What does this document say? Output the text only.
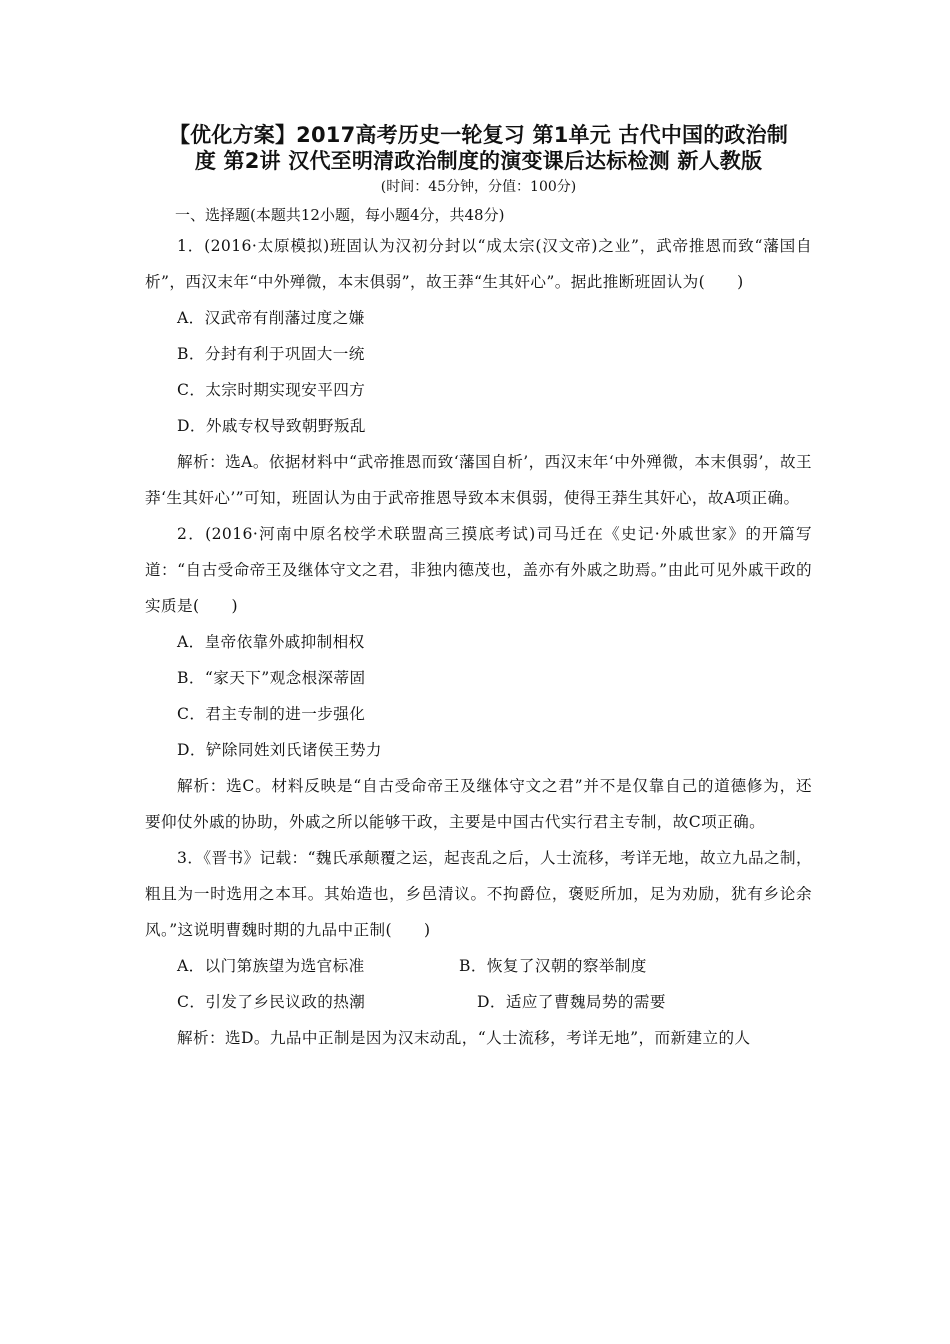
【优化方案】2017高考历史一轮复习 第1单元 古代中国的政治制
度 第2讲 汉代至明清政治制度的演变课后达标检测 新人教版
(时间：45分钟，分值：100分)
一、选择题(本题共12小题，每小题4分，共48分)

1．(2016·太原模拟)班固认为汉初分封以“成太宗(汉文帝)之业”，武帝推恩而致“藩国自析”，西汉末年“中外殚微，本末俱弱”，故王莽“生其奸心”。据此推断班固认为(　　)

A．汉武帝有削藩过度之嫌

B．分封有利于巩固大一统

C．太宗时期实现安平四方

D．外戚专权导致朝野叛乱

解析：选A。依据材料中“武帝推恩而致‘藩国自析’，西汉末年‘中外殚微，本末俱弱’，故王莽‘生其奸心’”可知，班固认为由于武帝推恩导致本末俱弱，使得王莽生其奸心，故A项正确。

2．(2016·河南中原名校学术联盟高三摸底考试)司马迁在《史记·外戚世家》的开篇写道：“自古受命帝王及继体守文之君，非独内德茂也，盖亦有外戚之助焉。”由此可见外戚干政的实质是(　　)

A．皇帝依靠外戚抑制相权

B．“家天下”观念根深蒂固

C．君主专制的进一步强化

D．铲除同姓刘氏诸侯王势力

解析：选C。材料反映是“自古受命帝王及继体守文之君”并不是仅靠自己的道德修为，还要仰仗外戚的协助，外戚之所以能够干政，主要是中国古代实行君主专制，故C项正确。

3．《晋书》记载：“魏氏承颠覆之运，起丧乱之后，人士流移，考详无地，故立九品之制，粗且为一时选用之本耳。其始造也，乡邑清议。不拘爵位，褒贬所加，足为劝励，犹有乡论余风。”这说明曹魏时期的九品中正制(　　)

A．以门第族望为选官标准	B．恢复了汉朝的察举制度
C．引发了乡民议政的热潮	D．适应了曹魏局势的需要

解析：选D。九品中正制是因为汉末动乱，“人士流移，考详无地”，而新建立的人
